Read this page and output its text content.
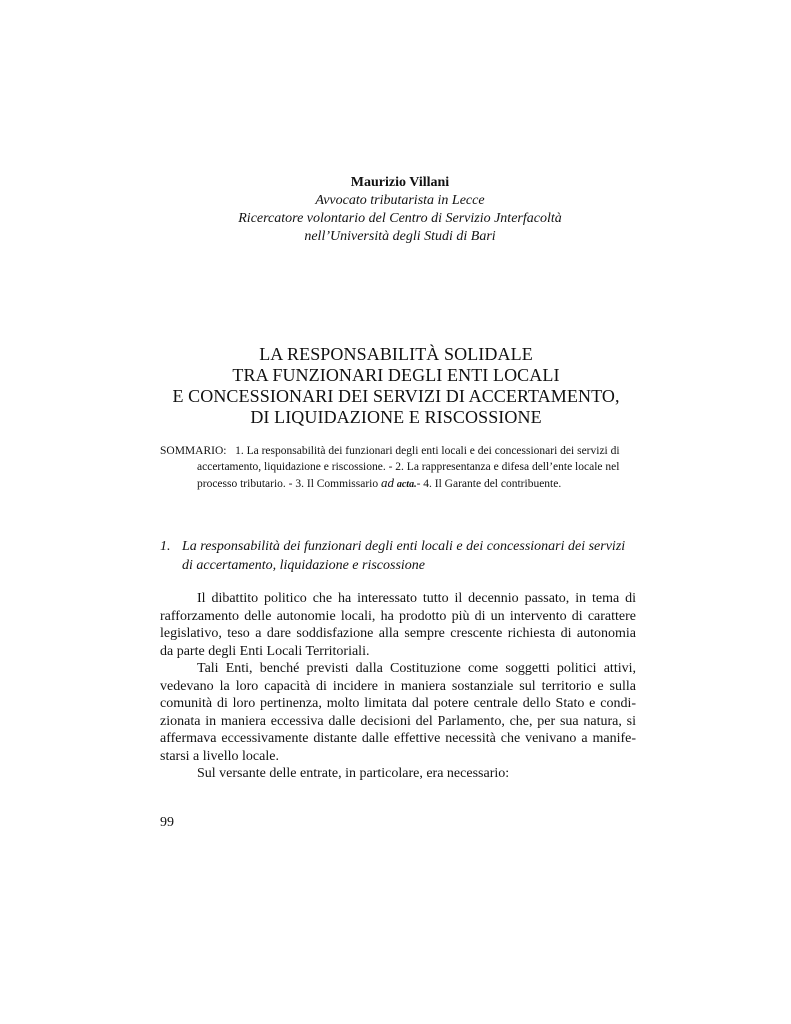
Maurizio Villani
Avvocato tributarista in Lecce
Ricercatore volontario del Centro di Servizio Jnterfacoltà
nell’Università degli Studi di Bari
LA RESPONSABILITÀ SOLIDALE
TRA FUNZIONARI DEGLI ENTI LOCALI
E CONCESSIONARI DEI SERVIZI DI ACCERTAMENTO,
DI LIQUIDAZIONE E RISCOSSIONE
SOMMARIO: 1. La responsabilità dei funzionari degli enti locali e dei concessionari dei servizi di
accertamento, liquidazione e riscossione. - 2. La rappresentanza e difesa dell’ente locale nel
processo tributario. - 3. Il Commissario ad acta.- 4. Il Garante del contribuente.
1. La responsabilità dei funzionari degli enti locali e dei concessionari dei servizi
di accertamento, liquidazione e riscossione
Il dibattito politico che ha interessato tutto il decennio passato, in tema di
rafforzamento delle autonomie locali, ha prodotto più di un intervento di carattere
legislativo, teso a dare soddisfazione alla sempre crescente richiesta di autonomia
da parte degli Enti Locali Territoriali.
Tali Enti, benché previsti dalla Costituzione come soggetti politici attivi,
vedevano la loro capacità di incidere in maniera sostanziale sul territorio e sulla
comunità di loro pertinenza, molto limitata dal potere centrale dello Stato e condi-
zionata in maniera eccessiva dalle decisioni del Parlamento, che, per sua natura, si
affermava eccessivamente distante dalle effettive necessità che venivano a manife-
starsi a livello locale.
Sul versante delle entrate, in particolare, era necessario:
99
